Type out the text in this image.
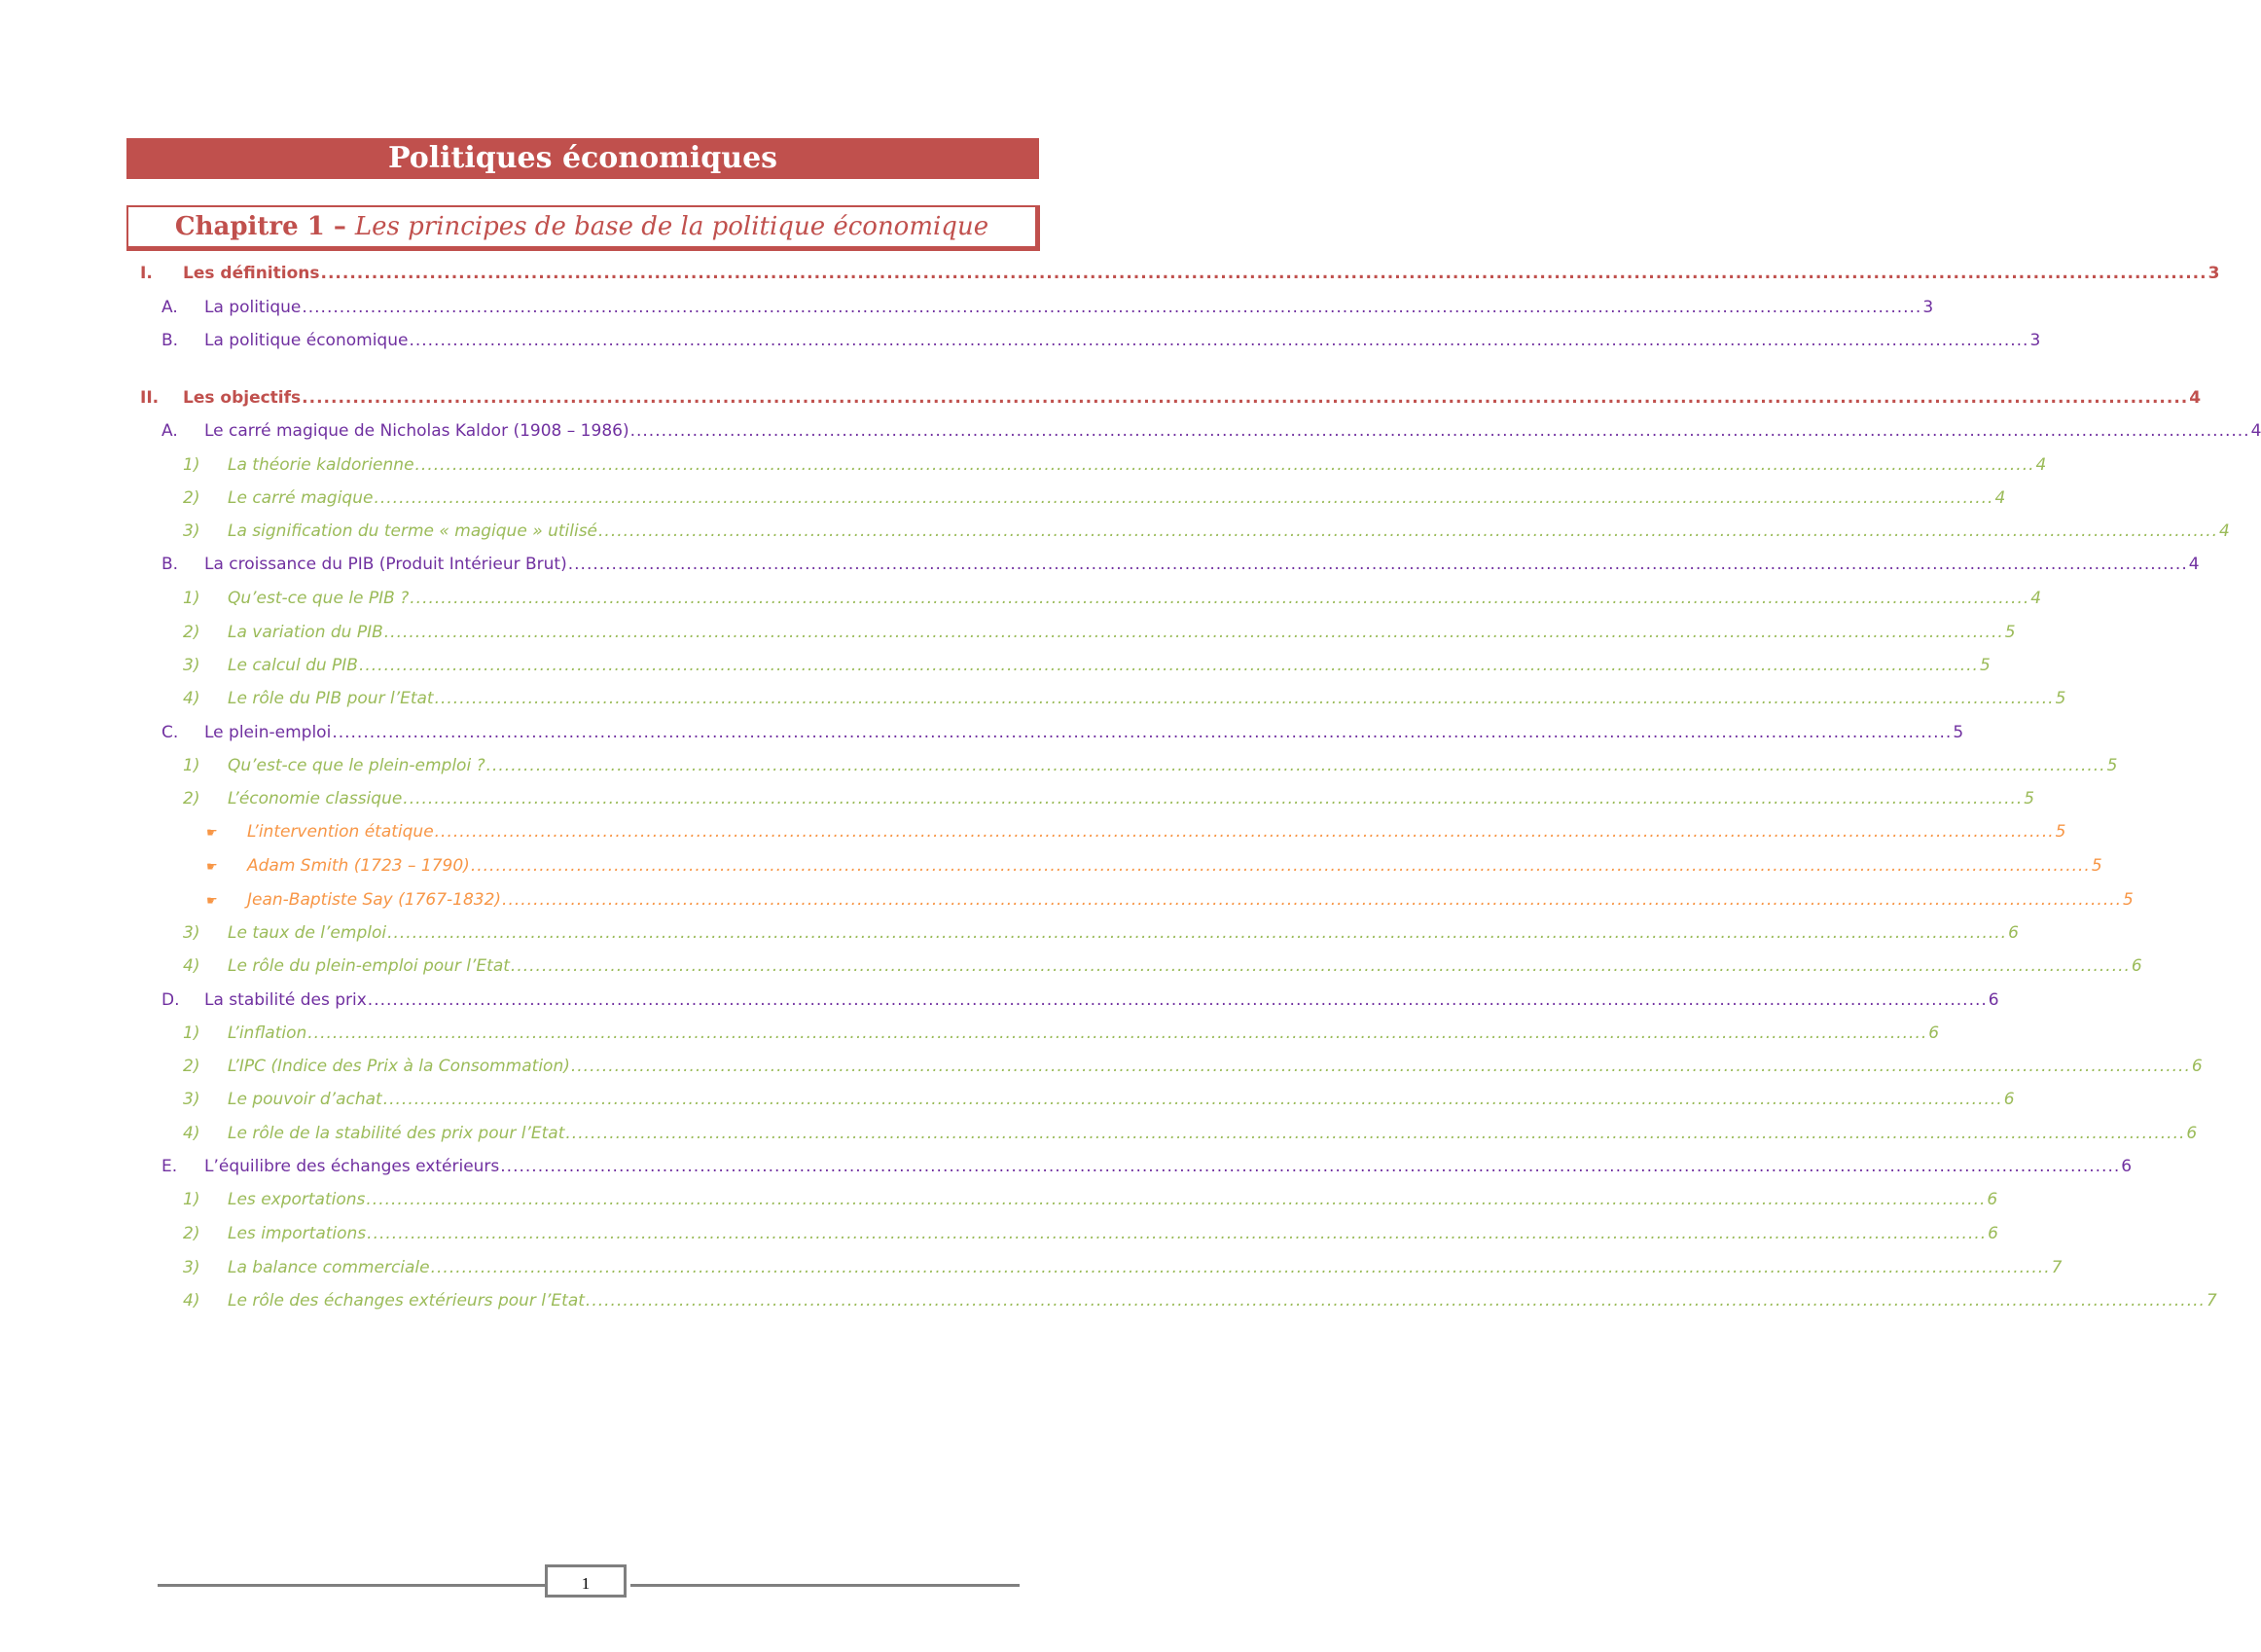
Politiques économiques
Chapitre 1 – Les principes de base de la politique économique
I.	Les définitions .................................................................................................................................................................................................................................................................... 3
A.	La politique .................................................................................................................................................................................................................................................................... 3
B.	La politique économique .................................................................................................................................................................................................................................................................... 3
II.	Les objectifs .................................................................................................................................................................................................................................................................... 4
A.	Le carré magique de Nicholas Kaldor (1908 – 1986) .................................................................................................................................................................................................................................................................... 4
1)	La théorie kaldorienne .................................................................................................................................................................................................................................................................... 4
2)	Le carré magique .................................................................................................................................................................................................................................................................... 4
3)	La signification du terme « magique » utilisé .................................................................................................................................................................................................................................................................... 4
B.	La croissance du PIB (Produit Intérieur Brut) .................................................................................................................................................................................................................................................................... 4
1)	Qu’est-ce que le PIB ? .................................................................................................................................................................................................................................................................... 4
2)	La variation du PIB .................................................................................................................................................................................................................................................................... 5
3)	Le calcul du PIB .................................................................................................................................................................................................................................................................... 5
4)	Le rôle du PIB pour l’Etat .................................................................................................................................................................................................................................................................... 5
C.	Le plein-emploi .................................................................................................................................................................................................................................................................... 5
1)	Qu’est-ce que le plein-emploi ? .................................................................................................................................................................................................................................................................... 5
2)	L’économie classique .................................................................................................................................................................................................................................................................... 5
☛	L’intervention étatique .................................................................................................................................................................................................................................................................... 5
☛	Adam Smith (1723 – 1790) .................................................................................................................................................................................................................................................................... 5
☛	Jean-Baptiste Say (1767-1832) .................................................................................................................................................................................................................................................................... 5
3)	Le taux de l’emploi .................................................................................................................................................................................................................................................................... 6
4)	Le rôle du plein-emploi pour l’Etat .................................................................................................................................................................................................................................................................... 6
D.	La stabilité des prix .................................................................................................................................................................................................................................................................... 6
1)	L’inflation .................................................................................................................................................................................................................................................................... 6
2)	L’IPC (Indice des Prix à la Consommation) .................................................................................................................................................................................................................................................................... 6
3)	Le pouvoir d’achat .................................................................................................................................................................................................................................................................... 6
4)	Le rôle de la stabilité des prix pour l’Etat .................................................................................................................................................................................................................................................................... 6
E.	L’équilibre des échanges extérieurs .................................................................................................................................................................................................................................................................... 6
1)	Les exportations .................................................................................................................................................................................................................................................................... 6
2)	Les importations .................................................................................................................................................................................................................................................................... 6
3)	La balance commerciale .................................................................................................................................................................................................................................................................... 7
4)	Le rôle des échanges extérieurs pour l’Etat .................................................................................................................................................................................................................................................................... 7
1
